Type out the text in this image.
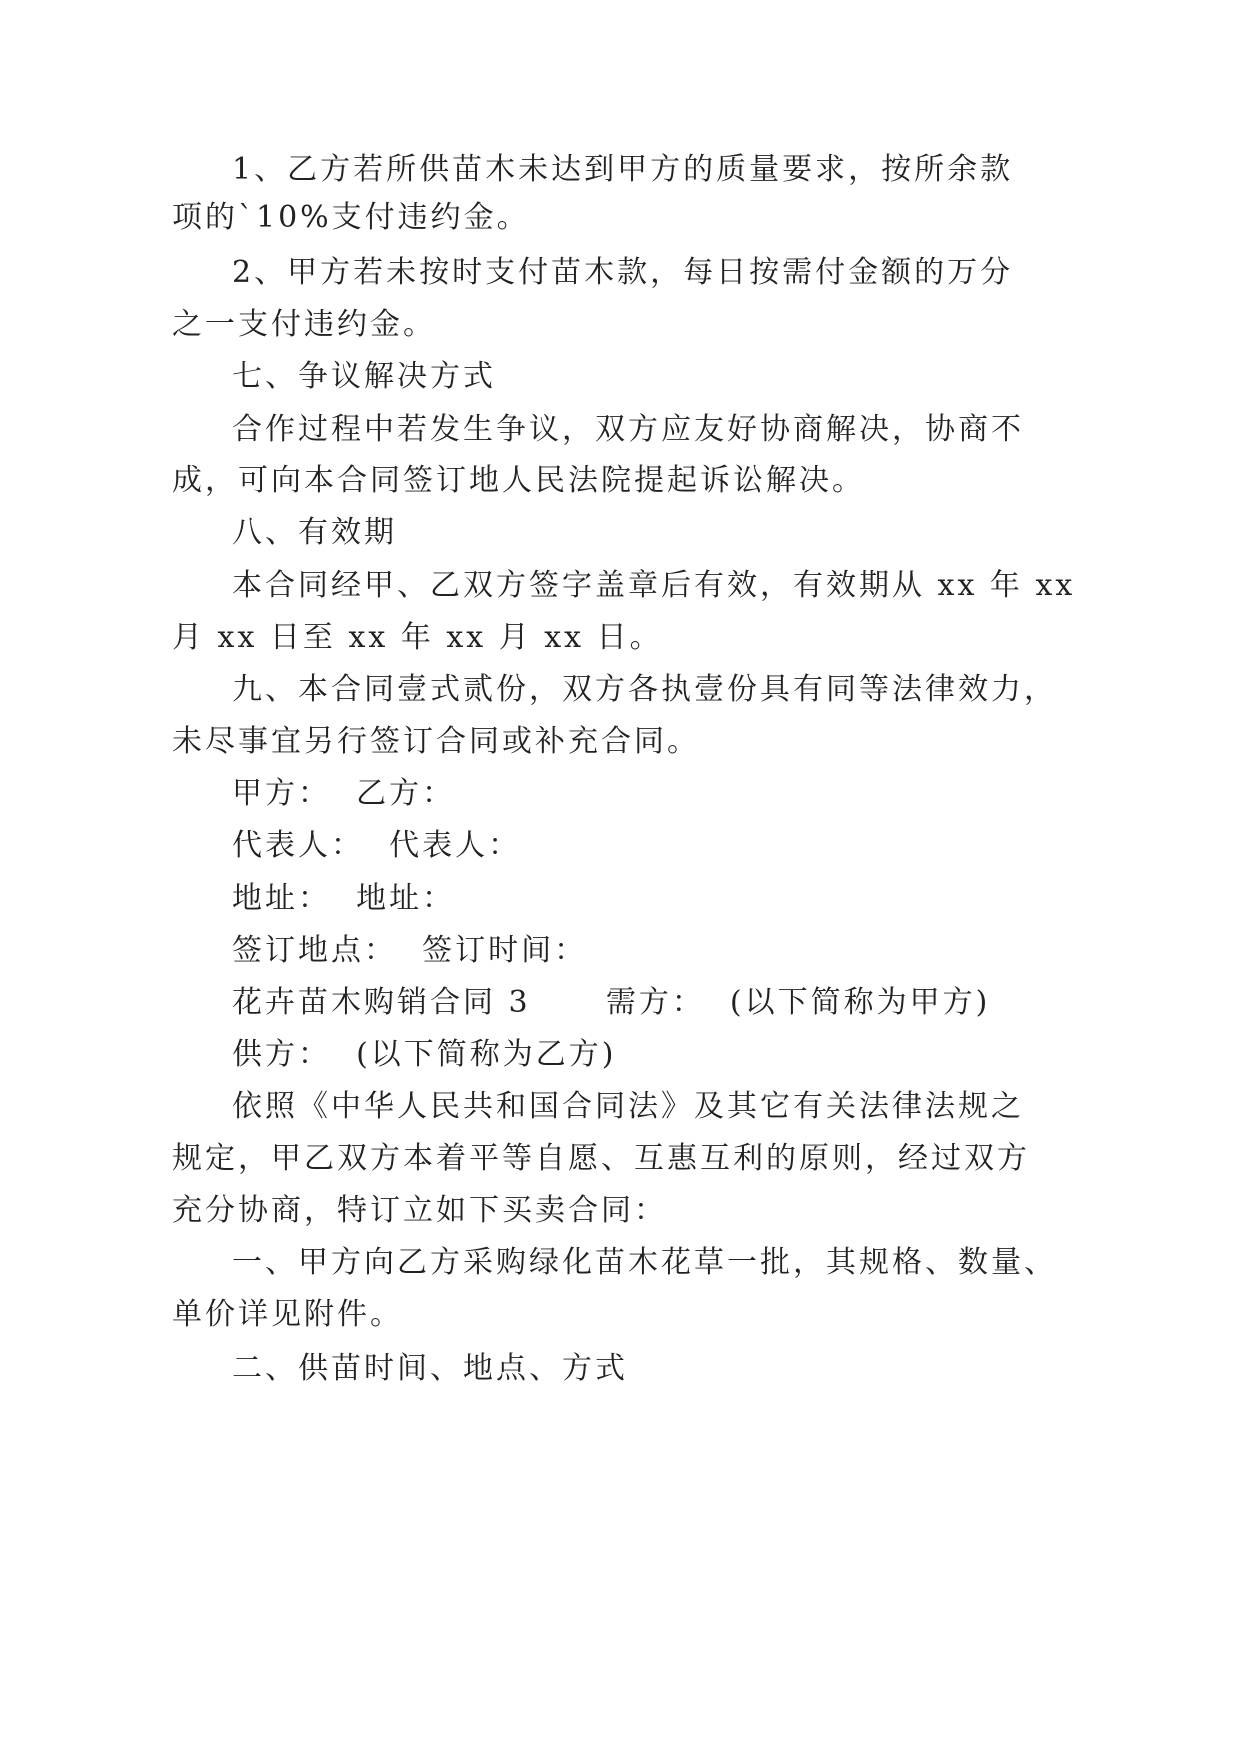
1、乙方若所供苗木未达到甲方的质量要求，按所余款
项的`10%支付违约金。
2、甲方若未按时支付苗木款，每日按需付金额的万分
之一支付违约金。
七、争议解决方式
合作过程中若发生争议，双方应友好协商解决，协商不
成，可向本合同签订地人民法院提起诉讼解决。
八、有效期
本合同经甲、乙双方签字盖章后有效，有效期从 xx 年 xx
月 xx 日至 xx 年 xx 月 xx 日。
九、本合同壹式贰份，双方各执壹份具有同等法律效力，
未尽事宜另行签订合同或补充合同。
甲方：  乙方：
代表人：  代表人：
地址：  地址：
签订地点：  签订时间：
花卉苗木购销合同 3      需方：  (以下简称为甲方)
供方：  (以下简称为乙方)
依照《中华人民共和国合同法》及其它有关法律法规之
规定，甲乙双方本着平等自愿、互惠互利的原则，经过双方
充分协商，特订立如下买卖合同：
一、甲方向乙方采购绿化苗木花草一批，其规格、数量、
单价详见附件。
二、供苗时间、地点、方式
